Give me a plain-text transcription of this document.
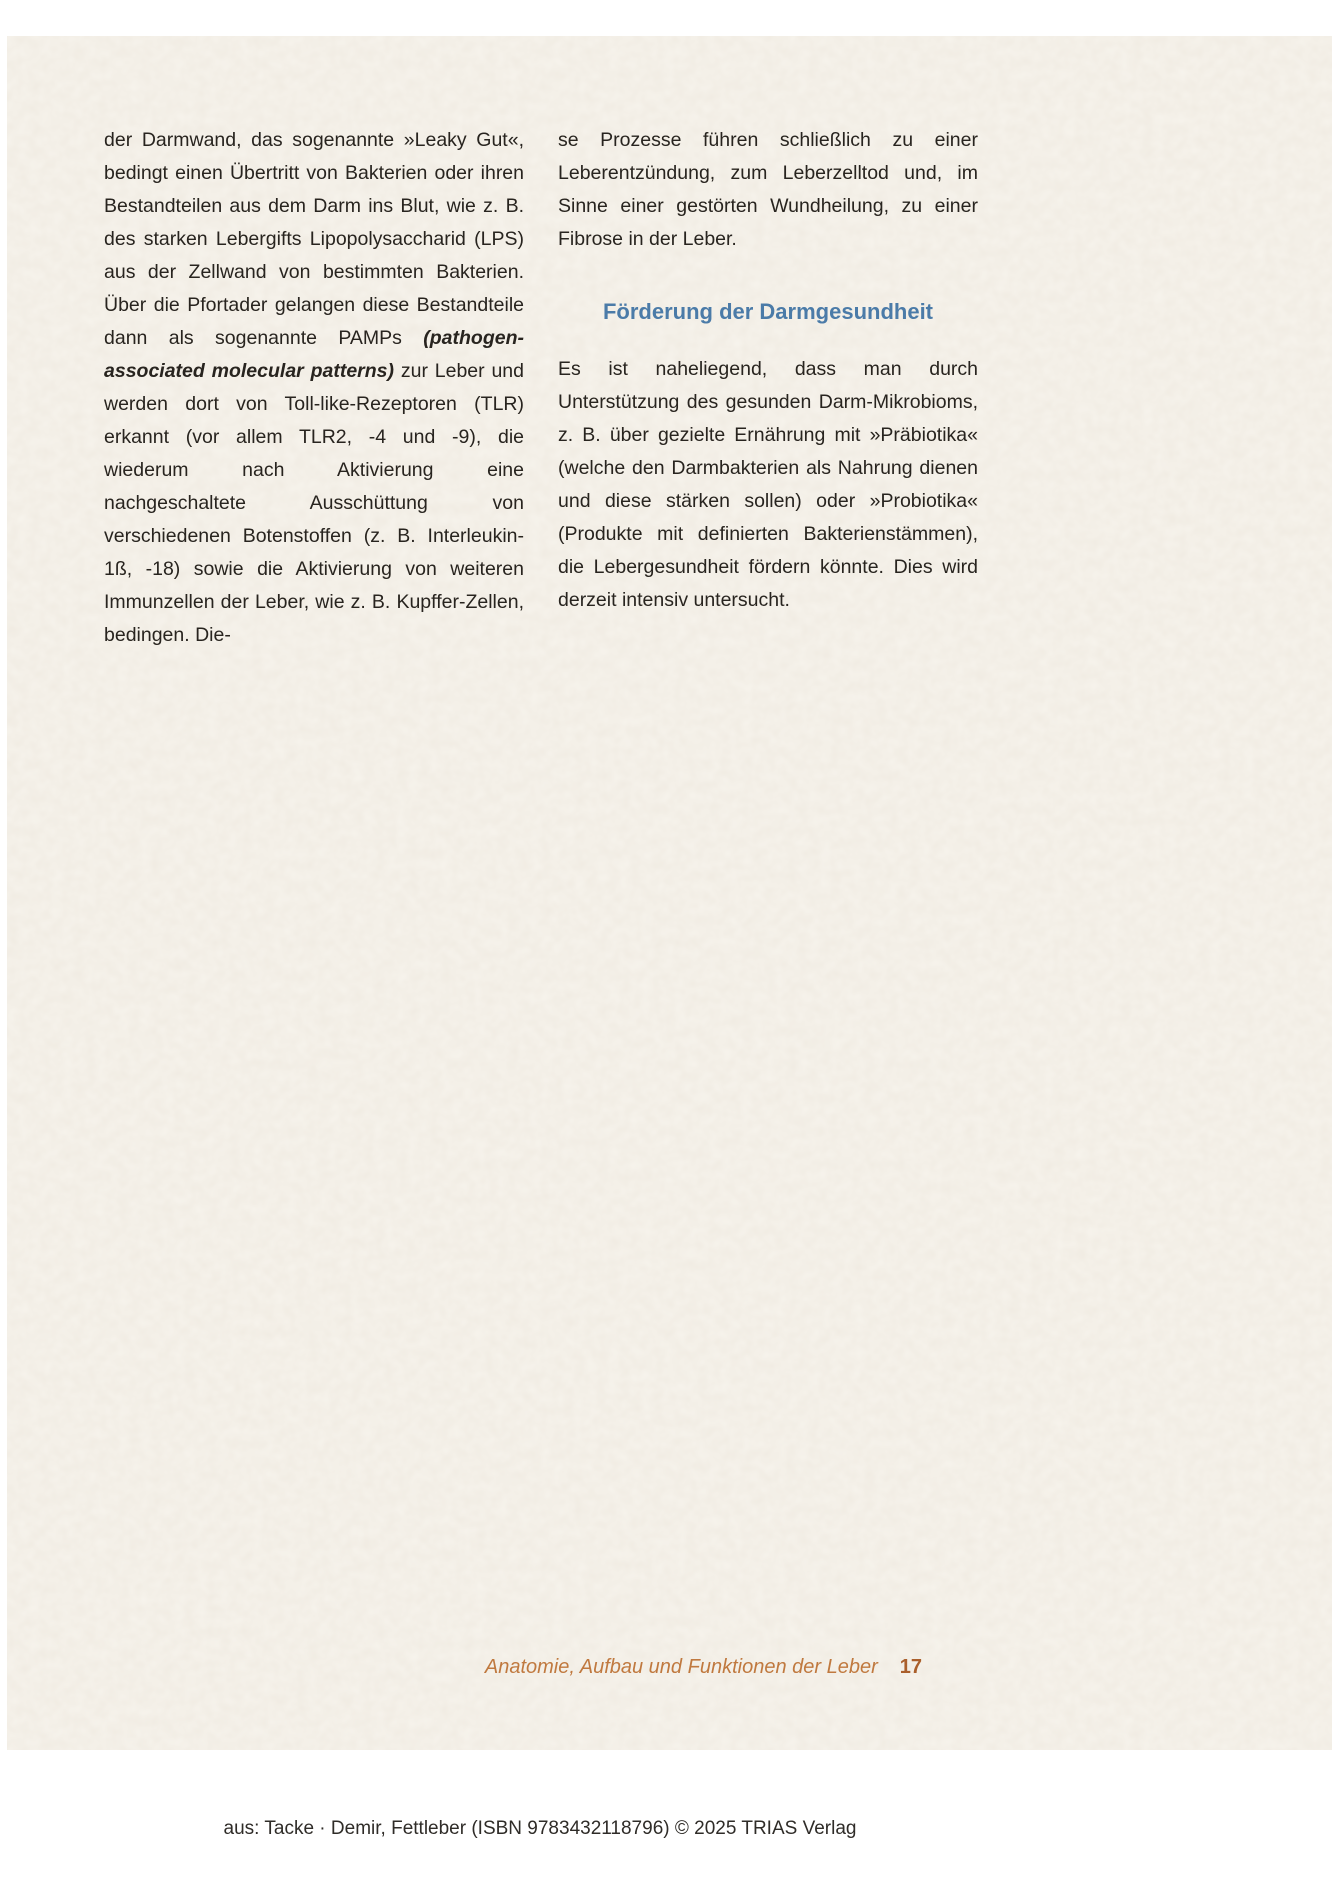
der Darmwand, das sogenannte »Leaky Gut«, bedingt einen Übertritt von Bakterien oder ihren Bestandteilen aus dem Darm ins Blut, wie z. B. des starken Lebergifts Lipopolysaccharid (LPS) aus der Zellwand von bestimmten Bakterien. Über die Pfortader gelangen diese Bestandteile dann als sogenannte PAMPs (pathogen-associated molecular patterns) zur Leber und werden dort von Toll-like-Rezeptoren (TLR) erkannt (vor allem TLR2, -4 und -9), die wiederum nach Aktivierung eine nachgeschaltete Ausschüttung von verschiedenen Botenstoffen (z. B. Interleukin-1ß, -18) sowie die Aktivierung von weiteren Immunzellen der Leber, wie z. B. Kupffer-Zellen, bedingen. Die-

se Prozesse führen schließlich zu einer Leberentzündung, zum Leberzelltod und, im Sinne einer gestörten Wundheilung, zu einer Fibrose in der Leber.

Förderung der Darmgesundheit

Es ist naheliegend, dass man durch Unterstützung des gesunden Darm-Mikrobioms, z. B. über gezielte Ernährung mit »Präbiotika« (welche den Darmbakterien als Nahrung dienen und diese stärken sollen) oder »Probiotika« (Produkte mit definierten Bakterienstämmen), die Lebergesundheit fördern könnte. Dies wird derzeit intensiv untersucht.

Anatomie, Aufbau und Funktionen der Leber 17
aus: Tacke · Demir, Fettleber (ISBN 9783432118796) © 2025 TRIAS Verlag
